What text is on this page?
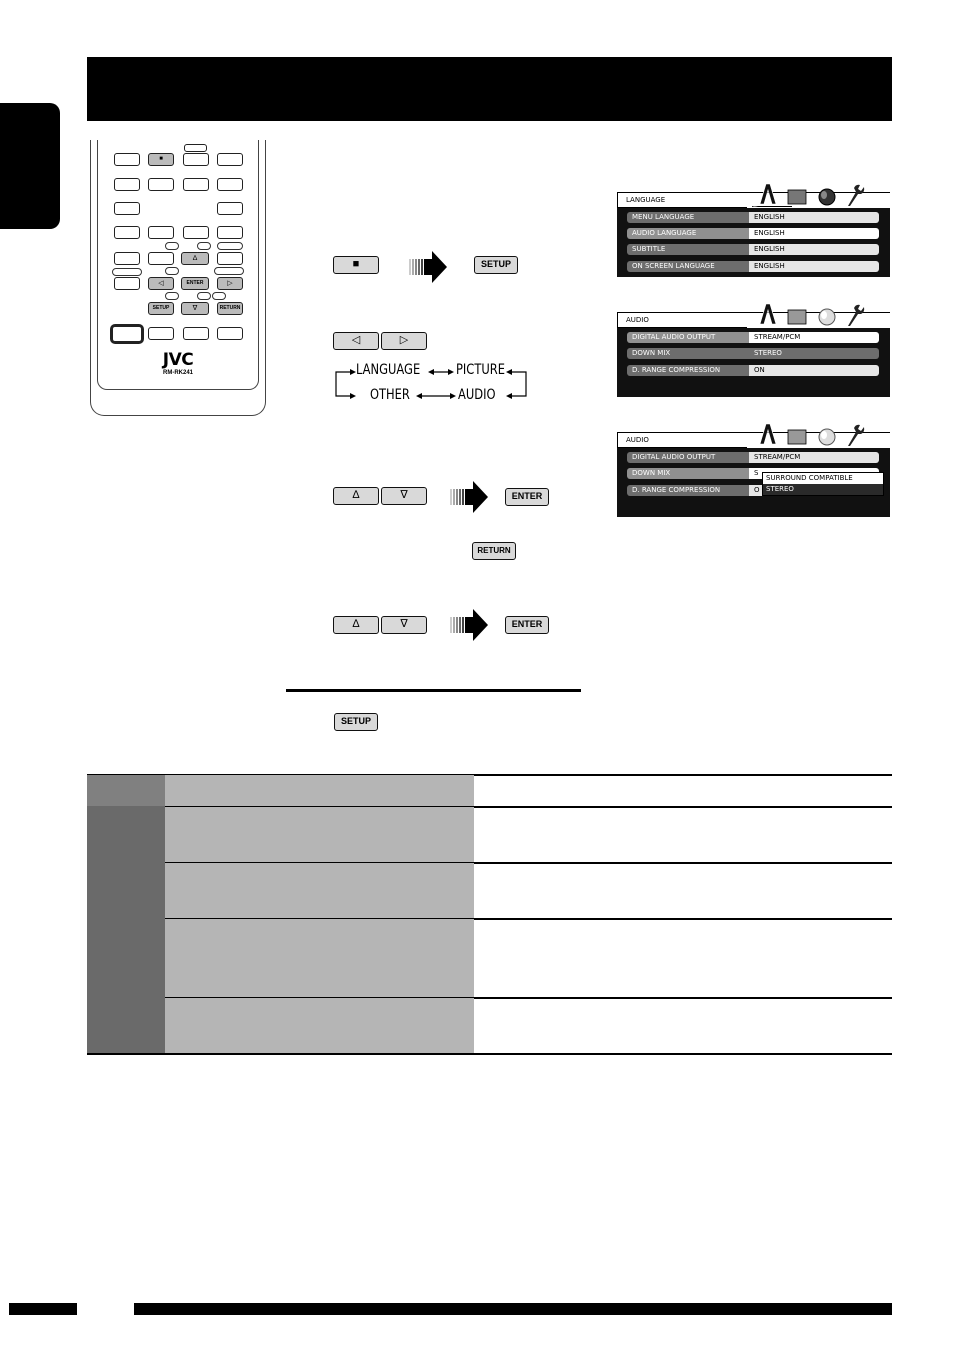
■
∆
◁	ENTER	▷
SETUP	∇	RETURN
JVC
RM-RK241
■	SETUP
◁	▷
LANGUAGE	PICTURE
OTHER	AUDIO
∆	∇	ENTER
RETURN
∆	∇	ENTER
SETUP
LANGUAGE
MENU LANGUAGE	ENGLISH
AUDIO LANGUAGE	ENGLISH
SUBTITLE	ENGLISH
ON SCREEN LANGUAGE	ENGLISH
AUDIO
DIGITAL AUDIO OUTPUT	STREAM/PCM
DOWN MIX	STEREO
D. RANGE COMPRESSION	ON
AUDIO
DIGITAL AUDIO OUTPUT	STREAM/PCM
DOWN MIX	S
D. RANGE COMPRESSION	O
SURROUND COMPATIBLE
STEREO
